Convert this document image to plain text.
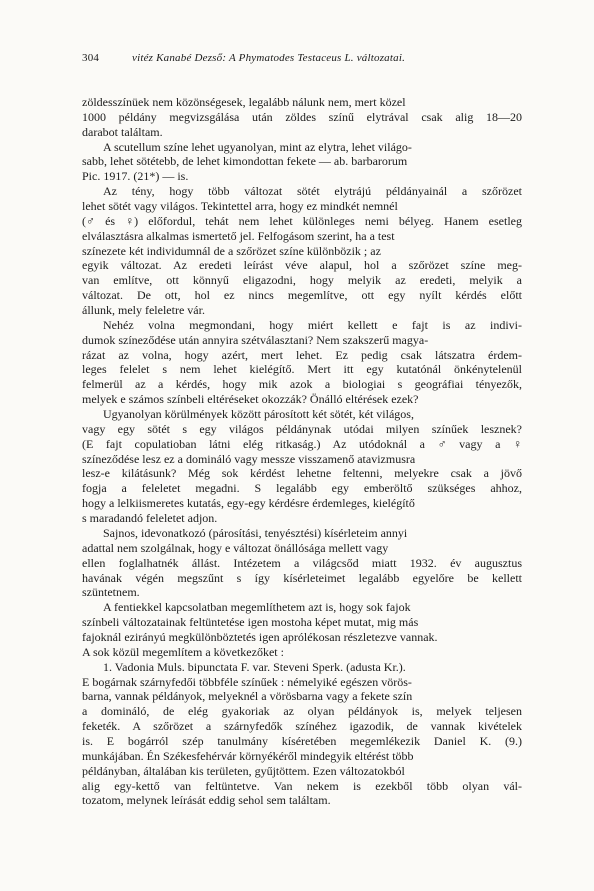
304	vitéz Kanabé Dezső: A Phymatodes Testaceus L. változatai.
zöldesszínüek nem közönségesek, legalább nálunk nem, mert közel
1000 példány megvizsgálása után zöldes színű elytrával csak alig 18—20
darabot találtam.
A scutellum színe lehet ugyanolyan, mint az elytra, lehet világo-
sabb, lehet sötétebb, de lehet kimondottan fekete — ab. barbarorum
Pic. 1917. (21*) — is.
Az tény, hogy több változat sötét elytrájú példányainál a szőrözet
lehet sötét vagy világos. Tekintettel arra, hogy ez mindkét nemnél
(♂ és ♀) előfordul, tehát nem lehet különleges nemi bélyeg. Hanem esetleg
elválasztásra alkalmas ismertető jel. Felfogásom szerint, ha a test
színezete két individumnál de a szőrözet színe különbözik ; az
egyik változat. Az eredeti leírást véve alapul, hol a szőrözet színe meg-
van említve, ott könnyű eligazodni, hogy melyik az eredeti, melyik a
változat. De ott, hol ez nincs megemlítve, ott egy nyílt kérdés előtt
állunk, mely feleletre vár.
Nehéz volna megmondani, hogy miért kellett e fajt is az indivi-
dumok színeződése után annyira szétválasztani? Nem szakszerű magya-
rázat az volna, hogy azért, mert lehet. Ez pedig csak látszatra érdem-
leges felelet s nem lehet kielégítő. Mert itt egy kutatónál önkénytelenül
felmerül az a kérdés, hogy mik azok a biologiai s geográfiai tényezők,
melyek e számos színbeli eltéréseket okozzák? Önálló eltérések ezek?
Ugyanolyan körülmények között párosított két sötét, két világos,
vagy egy sötét s egy világos példánynak utódai milyen színűek lesznek?
(E fajt copulatioban látni elég ritkaság.) Az utódoknál a ♂ vagy a ♀
színeződése lesz ez a domináló vagy messze visszamenő atavizmusra
lesz-e kilátásunk? Még sok kérdést lehetne feltenni, melyekre csak a jövő
fogja a feleletet megadni. S legalább egy emberöltő szükséges ahhoz,
hogy a lelkiismeretes kutatás, egy-egy kérdésre érdemleges, kielégítő
s maradandó feleletet adjon.
Sajnos, idevonatkozó (párosítási, tenyésztési) kísérleteim annyi
adattal nem szolgálnak, hogy e változat önállósága mellett vagy
ellen foglalhatnék állást. Intézetem a világcsőd miatt 1932. év augusztus
havának végén megszűnt s így kísérleteimet legalább egyelőre be kellett
szüntetnem.
A fentiekkel kapcsolatban megemlíthetem azt is, hogy sok fajok
színbeli változatainak feltüntetése igen mostoha képet mutat, mig más
fajoknál ezirányú megkülönböztetés igen aprólékosan részletezve vannak.
A sok közül megemlítem a következőket :
1. Vadonia Muls. bipunctata F. var. Steveni Sperk. (adusta Kr.).
E bogárnak szárnyfedői többféle színűek : némelyiké egészen vörös-
barna, vannak példányok, melyeknél a vörösbarna vagy a fekete szín
a domináló, de elég gyakoriak az olyan példányok is, melyek teljesen
feketék. A szőrözet a szárnyfedők színéhez igazodik, de vannak kivételek
is. E bogárról szép tanulmány kíséretében megemlékezik Daniel K. (9.)
munkájában. Én Székesfehérvár környékéről mindegyik eltérést több
példányban, általában kis területen, gyűjtöttem. Ezen változatokból
alig egy-kettő van feltüntetve. Van nekem is ezekből több olyan vál-
tozatom, melynek leírását eddig sehol sem találtam.
